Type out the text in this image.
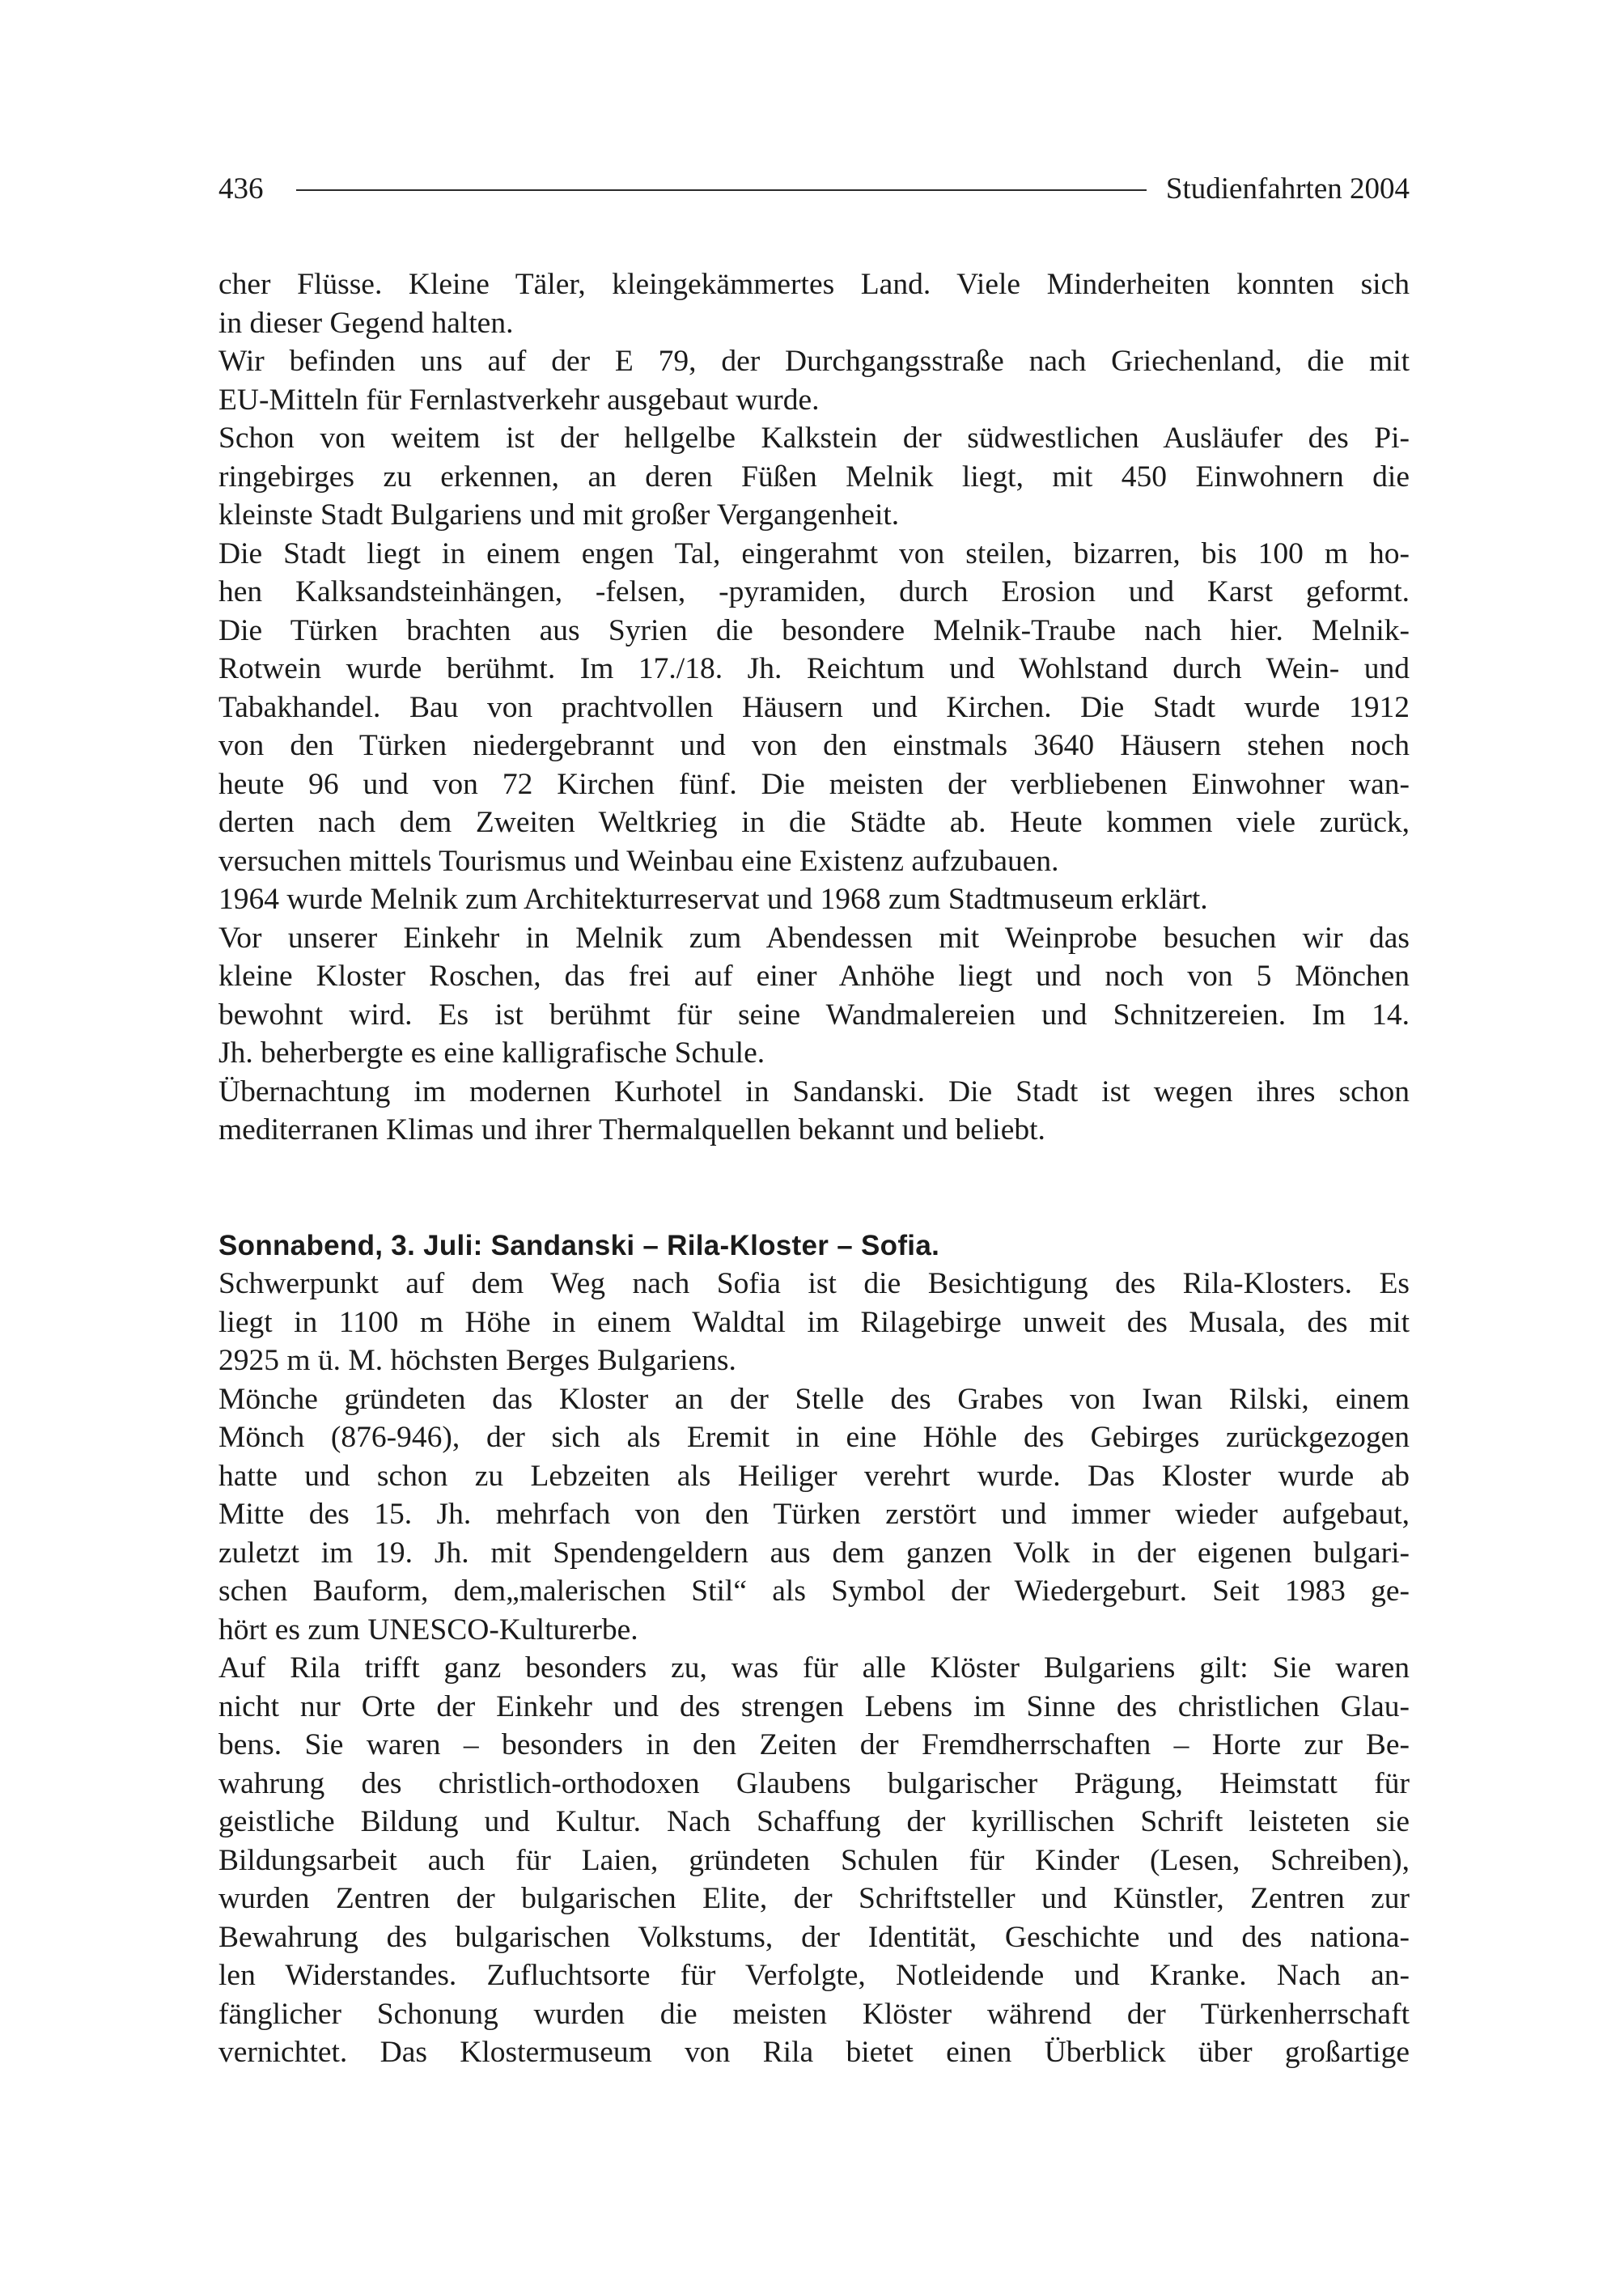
436	Studienfahrten 2004
cher Flüsse. Kleine Täler, kleingekämmertes Land. Viele Minderheiten konnten sich
in dieser Gegend halten.
Wir befinden uns auf der E 79, der Durchgangsstraße nach Griechenland, die mit
EU-Mitteln für Fernlastverkehr ausgebaut wurde.
Schon von weitem ist der hellgelbe Kalkstein der südwestlichen Ausläufer des Pi-
ringebirges zu erkennen, an deren Füßen Melnik liegt, mit 450 Einwohnern die
kleinste Stadt Bulgariens und mit großer Vergangenheit.
Die Stadt liegt in einem engen Tal, eingerahmt von steilen, bizarren, bis 100 m ho-
hen Kalksandsteinhängen, -felsen, -pyramiden, durch Erosion und Karst geformt.
Die Türken brachten aus Syrien die besondere Melnik-Traube nach hier. Melnik-
Rotwein wurde berühmt. Im 17./18. Jh. Reichtum und Wohlstand durch Wein- und
Tabakhandel. Bau von prachtvollen Häusern und Kirchen. Die Stadt wurde 1912
von den Türken niedergebrannt und von den einstmals 3640 Häusern stehen noch
heute 96 und von 72 Kirchen fünf. Die meisten der verbliebenen Einwohner wan-
derten nach dem Zweiten Weltkrieg in die Städte ab. Heute kommen viele zurück,
versuchen mittels Tourismus und Weinbau eine Existenz aufzubauen.
1964 wurde Melnik zum Architekturreservat und 1968 zum Stadtmuseum erklärt.
Vor unserer Einkehr in Melnik zum Abendessen mit Weinprobe besuchen wir das
kleine Kloster Roschen, das frei auf einer Anhöhe liegt und noch von 5 Mönchen
bewohnt wird. Es ist berühmt für seine Wandmalereien und Schnitzereien. Im 14.
Jh. beherbergte es eine kalligrafische Schule.
Übernachtung im modernen Kurhotel in Sandanski. Die Stadt ist wegen ihres schon
mediterranen Klimas und ihrer Thermalquellen bekannt und beliebt.
Sonnabend, 3. Juli: Sandanski – Rila-Kloster – Sofia.
Schwerpunkt auf dem Weg nach Sofia ist die Besichtigung des Rila-Klosters. Es
liegt in 1100 m Höhe in einem Waldtal im Rilagebirge unweit des Musala, des mit
2925 m ü. M. höchsten Berges Bulgariens.
Mönche gründeten das Kloster an der Stelle des Grabes von Iwan Rilski, einem
Mönch (876-946), der sich als Eremit in eine Höhle des Gebirges zurückgezogen
hatte und schon zu Lebzeiten als Heiliger verehrt wurde. Das Kloster wurde ab
Mitte des 15. Jh. mehrfach von den Türken zerstört und immer wieder aufgebaut,
zuletzt im 19. Jh. mit Spendengeldern aus dem ganzen Volk in der eigenen bulgari-
schen Bauform, dem„malerischen Stil“ als Symbol der Wiedergeburt. Seit 1983 ge-
hört es zum UNESCO-Kulturerbe.
Auf Rila trifft ganz besonders zu, was für alle Klöster Bulgariens gilt: Sie waren
nicht nur Orte der Einkehr und des strengen Lebens im Sinne des christlichen Glau-
bens. Sie waren – besonders in den Zeiten der Fremdherrschaften – Horte zur Be-
wahrung des christlich-orthodoxen Glaubens bulgarischer Prägung, Heimstatt für
geistliche Bildung und Kultur. Nach Schaffung der kyrillischen Schrift leisteten sie
Bildungsarbeit auch für Laien, gründeten Schulen für Kinder (Lesen, Schreiben),
wurden Zentren der bulgarischen Elite, der Schriftsteller und Künstler, Zentren zur
Bewahrung des bulgarischen Volkstums, der Identität, Geschichte und des nationa-
len Widerstandes. Zufluchtsorte für Verfolgte, Notleidende und Kranke. Nach an-
fänglicher Schonung wurden die meisten Klöster während der Türkenherrschaft
vernichtet. Das Klostermuseum von Rila bietet einen Überblick über großartige
